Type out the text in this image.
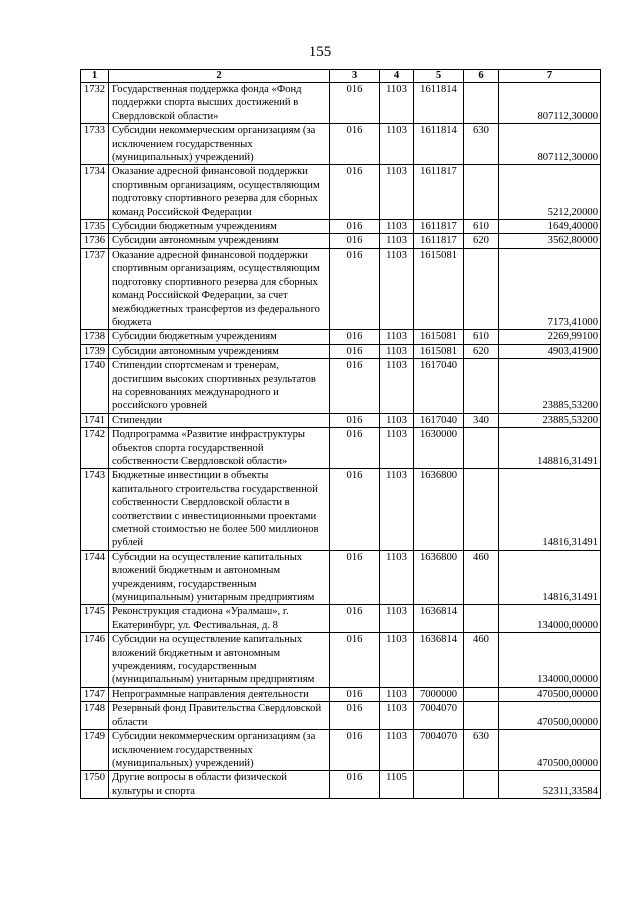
155
1	2	3	4	5	6	7
1732	Государственная поддержка фонда «Фонд поддержки спорта высших достижений в Свердловской области»	016	1103	1611814		807112,30000
1733	Субсидии некоммерческим организациям (за исключением государственных (муниципальных) учреждений)	016	1103	1611814	630	807112,30000
1734	Оказание адресной финансовой поддержки спортивным организациям, осуществляющим подготовку спортивного резерва для сборных команд Российской Федерации	016	1103	1611817		5212,20000
1735	Субсидии бюджетным учреждениям	016	1103	1611817	610	1649,40000
1736	Субсидии автономным учреждениям	016	1103	1611817	620	3562,80000
1737	Оказание адресной финансовой поддержки спортивным организациям, осуществляющим подготовку спортивного резерва для сборных команд Российской Федерации, за счет межбюджетных трансфертов из федерального бюджета	016	1103	1615081		7173,41000
1738	Субсидии бюджетным учреждениям	016	1103	1615081	610	2269,99100
1739	Субсидии автономным учреждениям	016	1103	1615081	620	4903,41900
1740	Стипендии спортсменам и тренерам, достигшим высоких спортивных результатов на соревнованиях международного и российского уровней	016	1103	1617040		23885,53200
1741	Стипендии	016	1103	1617040	340	23885,53200
1742	Подпрограмма «Развитие инфраструктуры объектов спорта государственной собственности Свердловской области»	016	1103	1630000		148816,31491
1743	Бюджетные инвестиции в объекты капитального строительства государственной собственности Свердловской области в соответствии с инвестиционными проектами сметной стоимостью не более 500 миллионов рублей	016	1103	1636800		14816,31491
1744	Субсидии на осуществление капитальных вложений бюджетным и автономным учреждениям, государственным (муниципальным) унитарным предприятиям	016	1103	1636800	460	14816,31491
1745	Реконструкция стадиона «Уралмаш», г. Екатеринбург, ул. Фестивальная, д. 8	016	1103	1636814		134000,00000
1746	Субсидии на осуществление капитальных вложений бюджетным и автономным учреждениям, государственным (муниципальным) унитарным предприятиям	016	1103	1636814	460	134000,00000
1747	Непрограммные направления деятельности	016	1103	7000000		470500,00000
1748	Резервный фонд Правительства Свердловской области	016	1103	7004070		470500,00000
1749	Субсидии некоммерческим организациям (за исключением государственных (муниципальных) учреждений)	016	1103	7004070	630	470500,00000
1750	Другие вопросы в области физической культуры и спорта	016	1105			52311,33584
